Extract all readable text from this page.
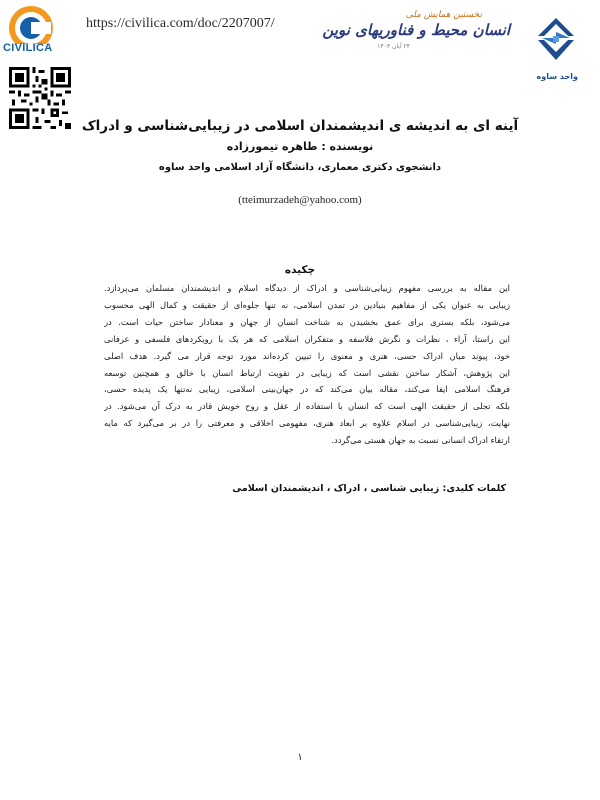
CIVILICA
https://civilica.com/doc/2207007/
نخستین همایش ملی
انسان محیط و فناوریهای نوین
۲۴ آبان ۱۴۰۳
واحد ساوه
آینه ای به اندیشه ی اندیشمندان اسلامی در زیبایی‌شناسی و ادراک
نویسنده : طاهره تیمورزاده
دانشجوی دکتری معماری، دانشگاه آزاد اسلامی واحد ساوه
(tteimurzadeh@yahoo.com)
چکیده
این مقاله به بررسی مفهوم زیبایی‌شناسی و ادراک از دیدگاه اسلام و اندیشمندان مسلمان می‌پردازد.
زیبایی به عنوان یکی از مفاهیم بنیادین در تمدن اسلامی، نه تنها جلوه‌ای از حقیقت و کمال الهی محسوب
می‌شود، بلکه بستری برای عمق بخشیدن به شناخت انسان از جهان و معنادار ساختن حیات است. در
این راستا، آراء ، نظرات و نگرش فلاسفه و متفکران اسلامی که هر یک با رویکردهای فلسفی و عرفانی
خود، پیوند میان ادراک حسی، هنری و معنوی را تبیین کرده‌اند مورد توجه قرار می گیرد. هدف اصلی
این پژوهش، آشکار ساختن نقشی است که زیبایی در تقویت ارتباط انسان با خالق و همچنین توسعه
فرهنگ اسلامی ایفا می‌کند، مقاله بیان می‌کند که در جهان‌بینی اسلامی، زیبایی نه‌تنها یک پدیده حسی،
بلکه تجلی از حقیقت الهی است که انسان با استفاده از عقل و روح خویش قادر به درک آن می‌شود. در
نهایت، زیبایی‌شناسی در اسلام علاوه بر ابعاد هنری، مفهومی اخلاقی و معرفتی را در بر می‌گیرد که مایه
ارتقاء ادراک انسانی نسبت به جهان هستی می‌گردد.
کلمات کلیدی: زیبایی شناسی ، ادراک ، اندیشمندان اسلامی
۱
